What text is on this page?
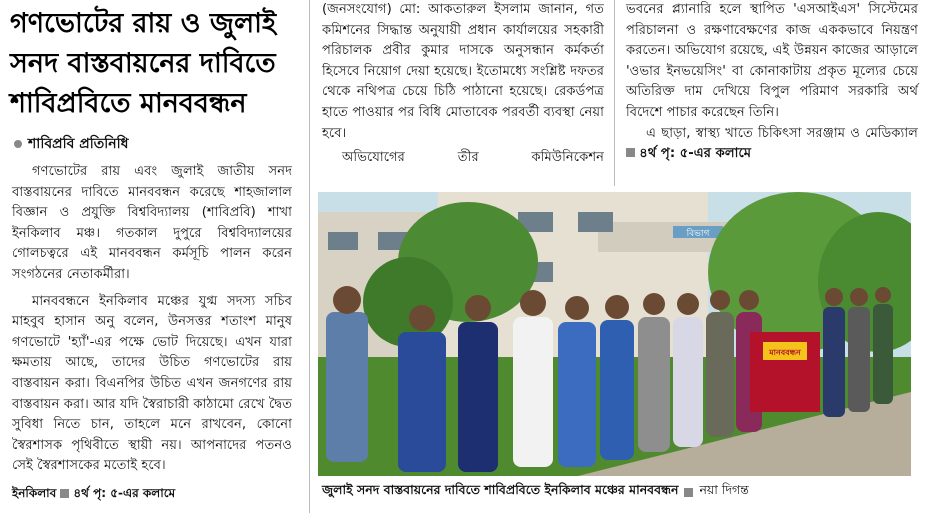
গণভোটের রায় ও জুলাই
সনদ বাস্তবায়নের দাবিতে
শাবিপ্রবিতে মানববন্ধন
শাবিপ্রবি প্রতিনিধি

গণভোটের রায় এবং জুলাই জাতীয় সনদ বাস্তবায়নের দাবিতে মানববন্ধন করেছে শাহজালাল বিজ্ঞান ও প্রযুক্তি বিশ্ববিদ্যালয় (শাবিপ্রবি) শাখা ইনকিলাব মঞ্চ। গতকাল দুপুরে বিশ্ববিদ্যালয়ের গোলচত্বরে এই মানববন্ধন কর্মসূচি পালন করেন সংগঠনের নেতাকর্মীরা।

মানববন্ধনে ইনকিলাব মঞ্চের যুগ্ম সদস্য সচিব মাহবুব হাসান অনু বলেন, উনসত্তর শতাংশ মানুষ গণভোটে 'হ্যাঁ'-এর পক্ষে ভোট দিয়েছে। এখন যারা ক্ষমতায় আছে, তাদের উচিত গণভোটের রায় বাস্তবায়ন করা। বিএনপির উচিত এখন জনগণের রায় বাস্তবায়ন করা। আর যদি স্বৈরাচারী কাঠামো রেখে দ্বৈত সুবিধা নিতে চান, তাহলে মনে রাখবেন, কোনো স্বৈরশাসক পৃথিবীতে স্থায়ী নয়। আপনাদের পতনও সেই স্বৈরশাসকের মতোই হবে।

ইনকিলাব ৪র্থ পৃ: ৫-এর কলামে

(জনসংযোগ) মো: আকতারুল ইসলাম জানান, গত কমিশনের সিদ্ধান্ত অনুযায়ী প্রধান কার্যালয়ের সহকারী পরিচালক প্রবীর কুমার দাসকে অনুসন্ধান কর্মকর্তা হিসেবে নিয়োগ দেয়া হয়েছে। ইতোমধ্যে সংশ্লিষ্ট দফতর থেকে নথিপত্র চেয়ে চিঠি পাঠানো হয়েছে। রেকর্ডপত্র হাতে পাওয়ার পর বিধি মোতাবেক পরবর্তী ব্যবস্থা নেয়া হবে।

অভিযোগের তীর কমিউনিকেশন

ভবনের প্ল্যানারি হলে স্থাপিত 'এসআইএস' সিস্টেমের পরিচালনা ও রক্ষণাবেক্ষণের কাজ এককভাবে নিয়ন্ত্রণ করতেন। অভিযোগ রয়েছে, এই উন্নয়ন কাজের আড়ালে 'ওভার ইনভয়েসিং' বা কোনাকাটায় প্রকৃত মূল্যের চেয়ে অতিরিক্ত দাম দেখিয়ে বিপুল পরিমাণ সরকারি অর্থ বিদেশে পাচার করেছেন তিনি।

এ ছাড়া, স্বাস্থ্য খাতে চিকিৎসা সরঞ্জাম ও মেডিক্যাল  ৪র্থ পৃ: ৫-এর কলামে

বিভাগ
মানববন্ধন
জুলাই সনদ বাস্তবায়নের দাবিতে শাবিপ্রবিতে ইনকিলাব মঞ্চের মানববন্ধন নয়া দিগন্ত
